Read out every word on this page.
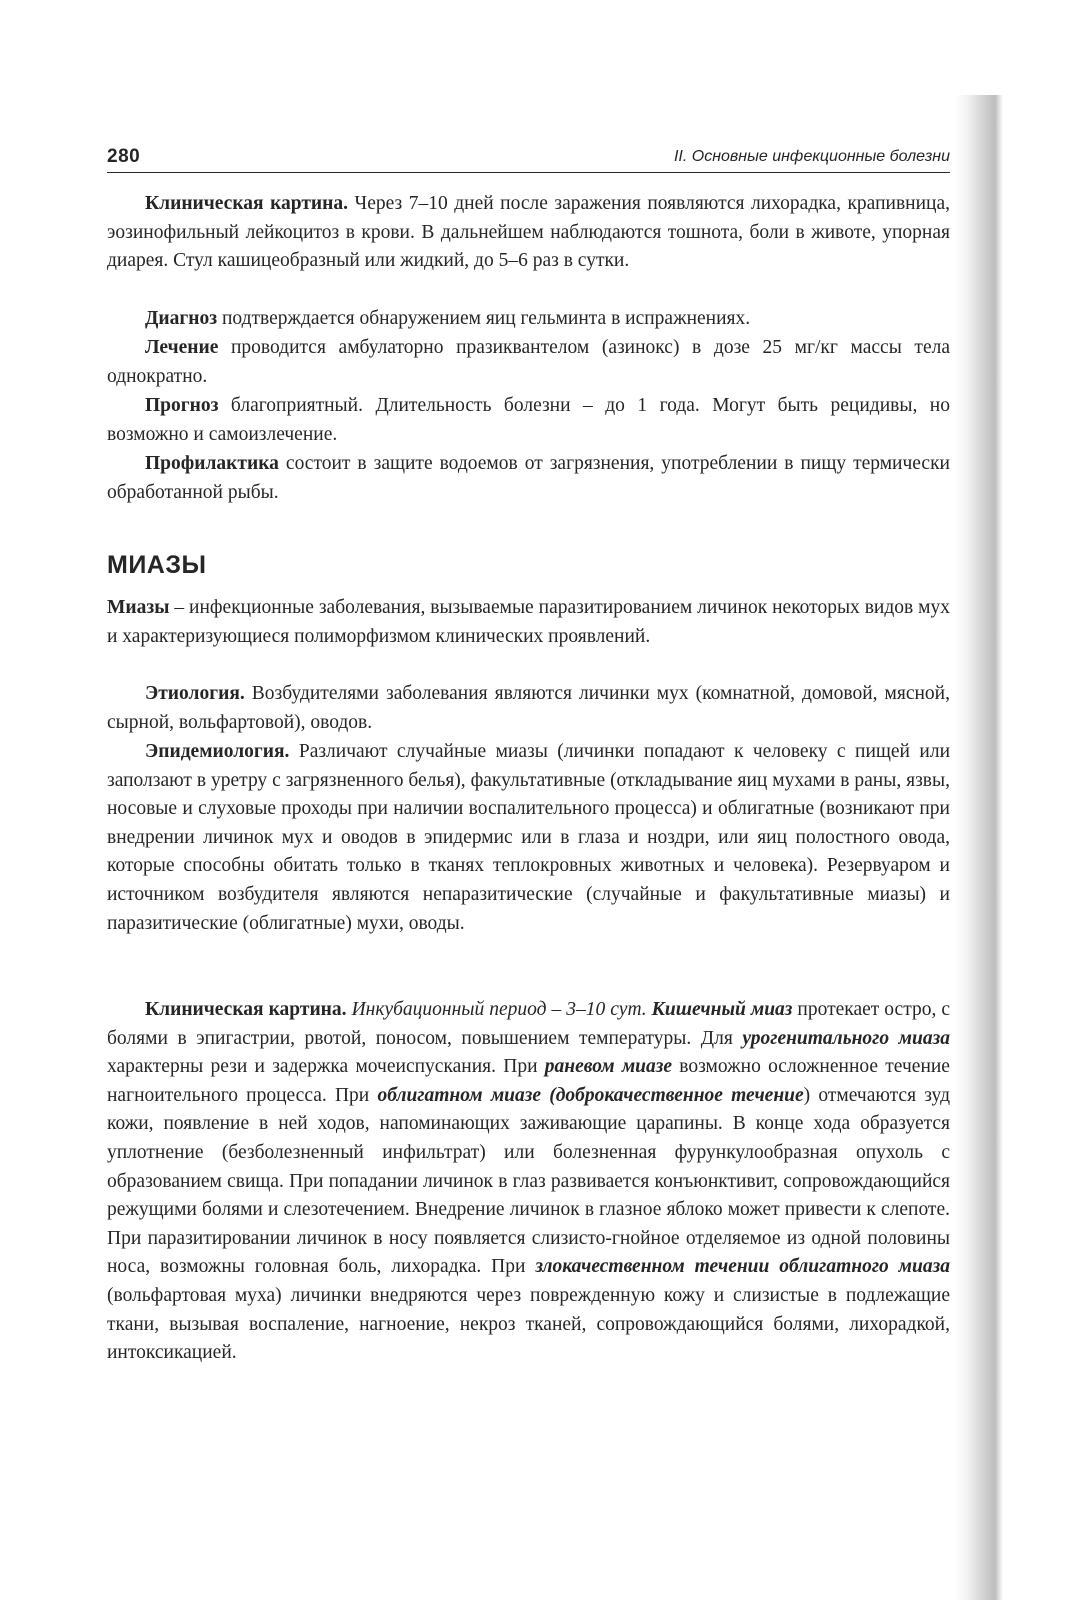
280	II. Основные инфекционные болезни

Клиническая картина. Через 7–10 дней после заражения появляются лихорадка, крапивница, эозинофильный лейкоцитоз в крови. В дальнейшем наблюдаются тошнота, боли в животе, упорная диарея. Стул кашицеобразный или жидкий, до 5–6 раз в сутки.

Диагноз подтверждается обнаружением яиц гельминта в испражнениях.

Лечение проводится амбулаторно празиквантелом (азинокс) в дозе 25 мг/кг массы тела однократно.

Прогноз благоприятный. Длительность болезни – до 1 года. Могут быть рецидивы, но возможно и самоизлечение.

Профилактика состоит в защите водоемов от загрязнения, употреблении в пищу термически обработанной рыбы.

МИАЗЫ

Миазы – инфекционные заболевания, вызываемые паразитированием личинок некоторых видов мух и характеризующиеся полиморфизмом клинических проявлений.

Этиология. Возбудителями заболевания являются личинки мух (комнатной, домовой, мясной, сырной, вольфартовой), оводов.

Эпидемиология. Различают случайные миазы (личинки попадают к человеку с пищей или заползают в уретру с загрязненного белья), факультативные (откладывание яиц мухами в раны, язвы, носовые и слуховые проходы при наличии воспалительного процесса) и облигатные (возникают при внедрении личинок мух и оводов в эпидермис или в глаза и ноздри, или яиц полостного овода, которые способны обитать только в тканях теплокровных животных и человека). Резервуаром и источником возбудителя являются непаразитические (случайные и факультативные миазы) и паразитические (облигатные) мухи, оводы.

Клиническая картина. Инкубационный период – 3–10 сут. Кишечный миаз протекает остро, с болями в эпигастрии, рвотой, поносом, повышением температуры. Для урогенитального миаза характерны рези и задержка мочеиспускания. При раневом миазе возможно осложненное течение нагноительного процесса. При облигатном миазе (доброкачественное течение) отмечаются зуд кожи, появление в ней ходов, напоминающих заживающие царапины. В конце хода образуется уплотнение (безболезненный инфильтрат) или болезненная фурункулообразная опухоль с образованием свища. При попадании личинок в глаз развивается конъюнктивит, сопровождающийся режущими болями и слезотечением. Внедрение личинок в глазное яблоко может привести к слепоте. При паразитировании личинок в носу появляется слизисто-гнойное отделяемое из одной половины носа, возможны головная боль, лихорадка. При злокачественном течении облигатного миаза (вольфартовая муха) личинки внедряются через поврежденную кожу и слизистые в подлежащие ткани, вызывая воспаление, нагноение, некроз тканей, сопровождающийся болями, лихорадкой, интоксикацией.
